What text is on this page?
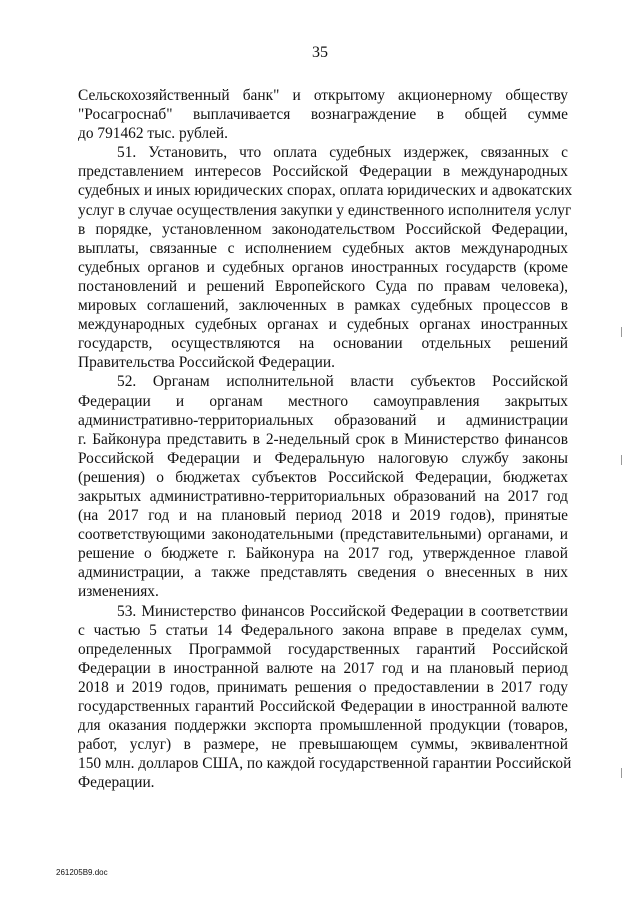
35
Сельскохозяйственный банк" и открытому акционерному обществу
"Росагроснаб" выплачивается вознаграждение в общей сумме
до 791462 тыс. рублей.
51. Установить, что оплата судебных издержек, связанных с
представлением интересов Российской Федерации в международных
судебных и иных юридических спорах, оплата юридических и адвокатских
услуг в случае осуществления закупки у единственного исполнителя услуг
в порядке, установленном законодательством Российской Федерации,
выплаты, связанные с исполнением судебных актов международных
судебных органов и судебных органов иностранных государств (кроме
постановлений и решений Европейского Суда по правам человека),
мировых соглашений, заключенных в рамках судебных процессов в
международных судебных органах и судебных органах иностранных
государств, осуществляются на основании отдельных решений
Правительства Российской Федерации.
52. Органам исполнительной власти субъектов Российской
Федерации и органам местного самоуправления закрытых
административно-территориальных образований и администрации
г. Байконура представить в 2-недельный срок в Министерство финансов
Российской Федерации и Федеральную налоговую службу законы
(решения) о бюджетах субъектов Российской Федерации, бюджетах
закрытых административно-территориальных образований на 2017 год
(на 2017 год и на плановый период 2018 и 2019 годов), принятые
соответствующими законодательными (представительными) органами, и
решение о бюджете г. Байконура на 2017 год, утвержденное главой
администрации, а также представлять сведения о внесенных в них
изменениях.
53. Министерство финансов Российской Федерации в соответствии
с частью 5 статьи 14 Федерального закона вправе в пределах сумм,
определенных Программой государственных гарантий Российской
Федерации в иностранной валюте на 2017 год и на плановый период
2018 и 2019 годов, принимать решения о предоставлении в 2017 году
государственных гарантий Российской Федерации в иностранной валюте
для оказания поддержки экспорта промышленной продукции (товаров,
работ, услуг) в размере, не превышающем суммы, эквивалентной
150 млн. долларов США, по каждой государственной гарантии Российской
Федерации.
261205B9.doc
